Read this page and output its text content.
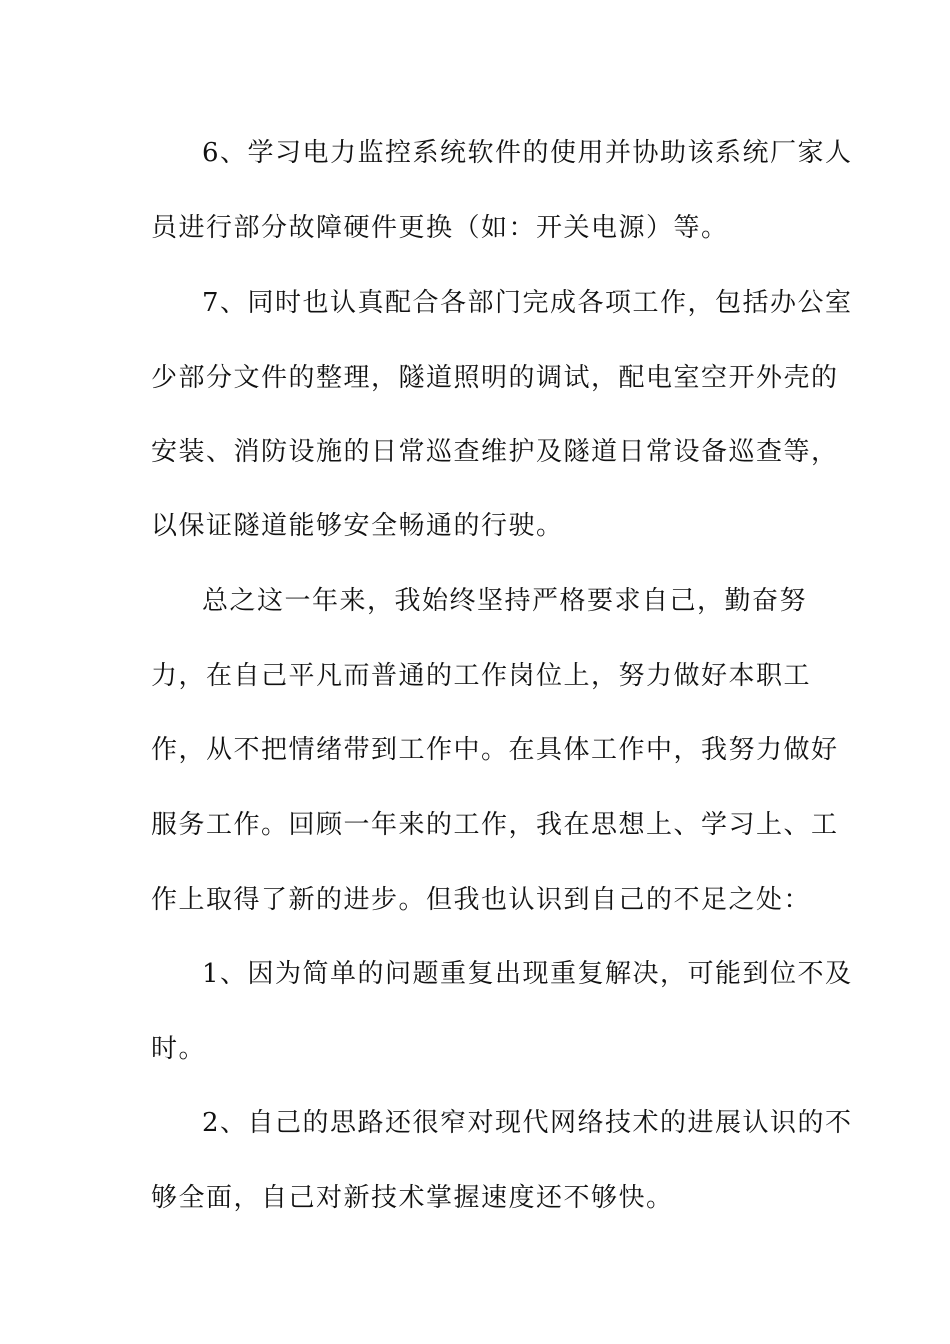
6、学习电力监控系统软件的使用并协助该系统厂家人

员进行部分故障硬件更换（如：开关电源）等。

7、同时也认真配合各部门完成各项工作，包括办公室

少部分文件的整理，隧道照明的调试，配电室空开外壳的

安装、消防设施的日常巡查维护及隧道日常设备巡查等，

以保证隧道能够安全畅通的行驶。

总之这一年来，我始终坚持严格要求自己，勤奋努

力，在自己平凡而普通的工作岗位上，努力做好本职工

作，从不把情绪带到工作中。在具体工作中，我努力做好

服务工作。回顾一年来的工作，我在思想上、学习上、工

作上取得了新的进步。但我也认识到自己的不足之处：

1、因为简单的问题重复出现重复解决，可能到位不及

时。

2、自己的思路还很窄对现代网络技术的进展认识的不

够全面，自己对新技术掌握速度还不够快。
